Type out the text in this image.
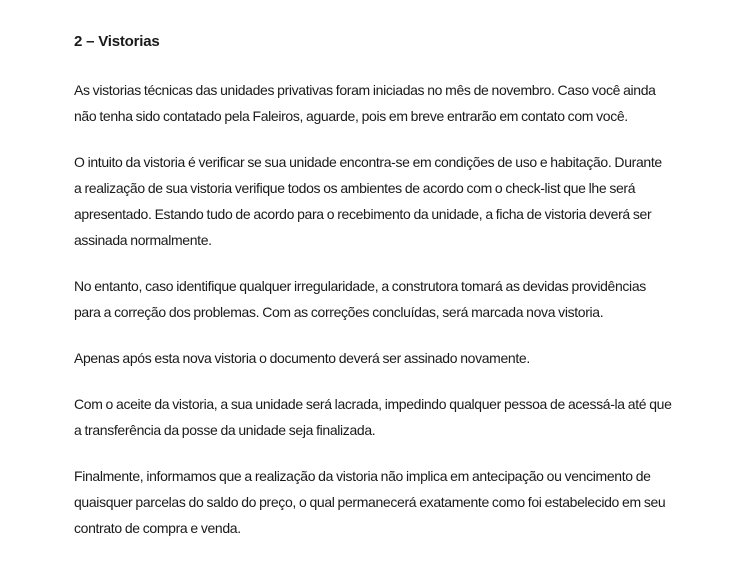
2 – Vistorias

As vistorias técnicas das unidades privativas foram iniciadas no mês de novembro. Caso você ainda
não tenha sido contatado pela Faleiros, aguarde, pois em breve entrarão em contato com você.

O intuito da vistoria é verificar se sua unidade encontra-se em condições de uso e habitação. Durante
a realização de sua vistoria verifique todos os ambientes de acordo com o check-list que lhe será
apresentado. Estando tudo de acordo para o recebimento da unidade, a ficha de vistoria deverá ser
assinada normalmente.

No entanto, caso identifique qualquer irregularidade, a construtora tomará as devidas providências
para a correção dos problemas. Com as correções concluídas, será marcada nova vistoria.

Apenas após esta nova vistoria o documento deverá ser assinado novamente.

Com o aceite da vistoria, a sua unidade será lacrada, impedindo qualquer pessoa de acessá-la até que
a transferência da posse da unidade seja finalizada.

Finalmente, informamos que a realização da vistoria não implica em antecipação ou vencimento de
quaisquer parcelas do saldo do preço, o qual permanecerá exatamente como foi estabelecido em seu
contrato de compra e venda.
